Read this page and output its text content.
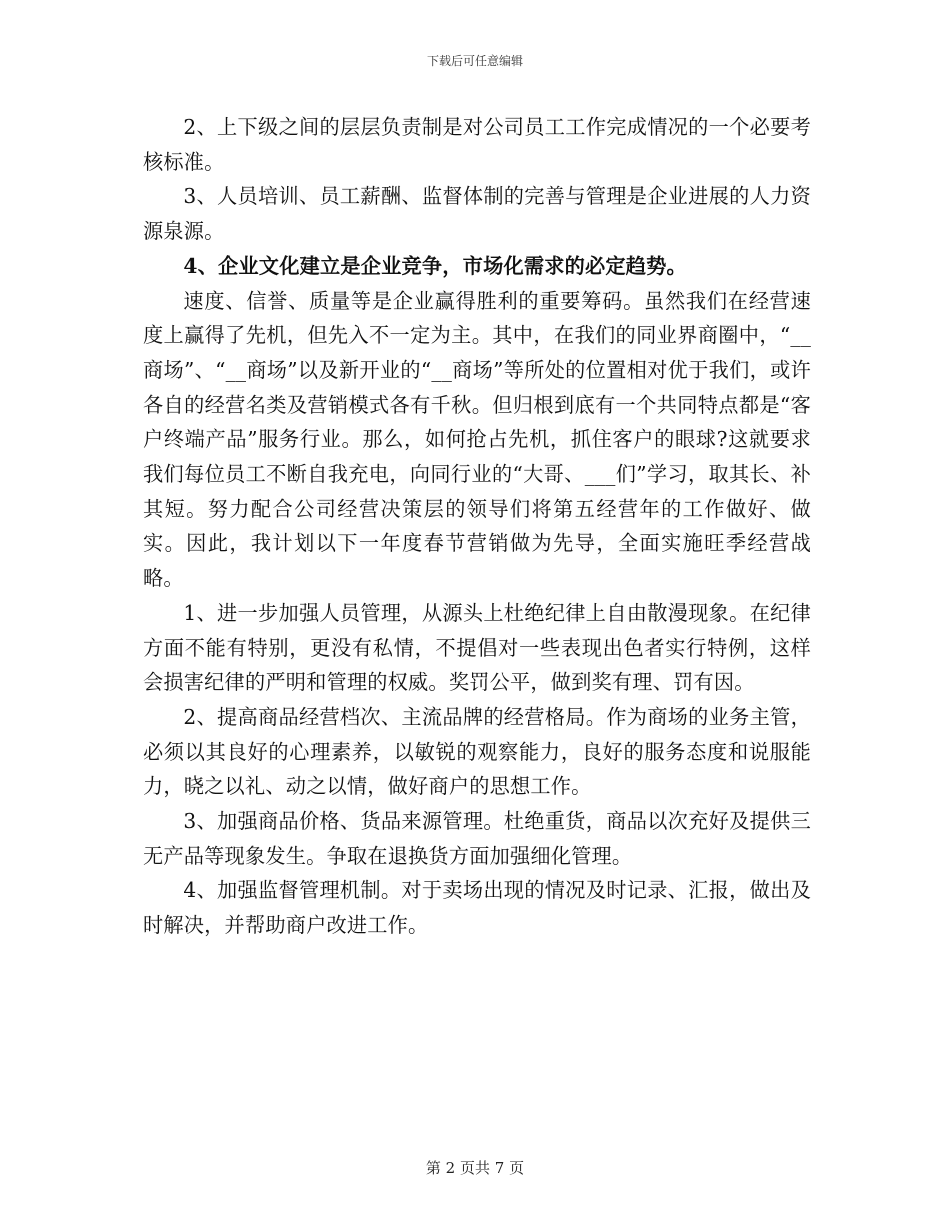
下载后可任意编辑

2、上下级之间的层层负责制是对公司员工工作完成情况的一个必要考核标准。

3、人员培训、员工薪酬、监督体制的完善与管理是企业进展的人力资源泉源。

4、企业文化建立是企业竞争，市场化需求的必定趋势。

速度、信誉、质量等是企业赢得胜利的重要筹码。虽然我们在经营速度上赢得了先机，但先入不一定为主。其中，在我们的同业界商圈中，“__商场”、“__商场”以及新开业的“__商场”等所处的位置相对优于我们，或许各自的经营名类及营销模式各有千秋。但归根到底有一个共同特点都是“客户终端产品”服务行业。那么，如何抢占先机，抓住客户的眼球?这就要求我们每位员工不断自我充电，向同行业的“大哥、___们”学习，取其长、补其短。努力配合公司经营决策层的领导们将第五经营年的工作做好、做实。因此，我计划以下一年度春节营销做为先导，全面实施旺季经营战略。

1、进一步加强人员管理，从源头上杜绝纪律上自由散漫现象。在纪律方面不能有特别，更没有私情，不提倡对一些表现出色者实行特例，这样会损害纪律的严明和管理的权威。奖罚公平，做到奖有理、罚有因。

2、提高商品经营档次、主流品牌的经营格局。作为商场的业务主管，必须以其良好的心理素养，以敏锐的观察能力，良好的服务态度和说服能力，晓之以礼、动之以情，做好商户的思想工作。

3、加强商品价格、货品来源管理。杜绝重货，商品以次充好及提供三无产品等现象发生。争取在退换货方面加强细化管理。

4、加强监督管理机制。对于卖场出现的情况及时记录、汇报，做出及时解决，并帮助商户改进工作。

第 2 页共 7 页
